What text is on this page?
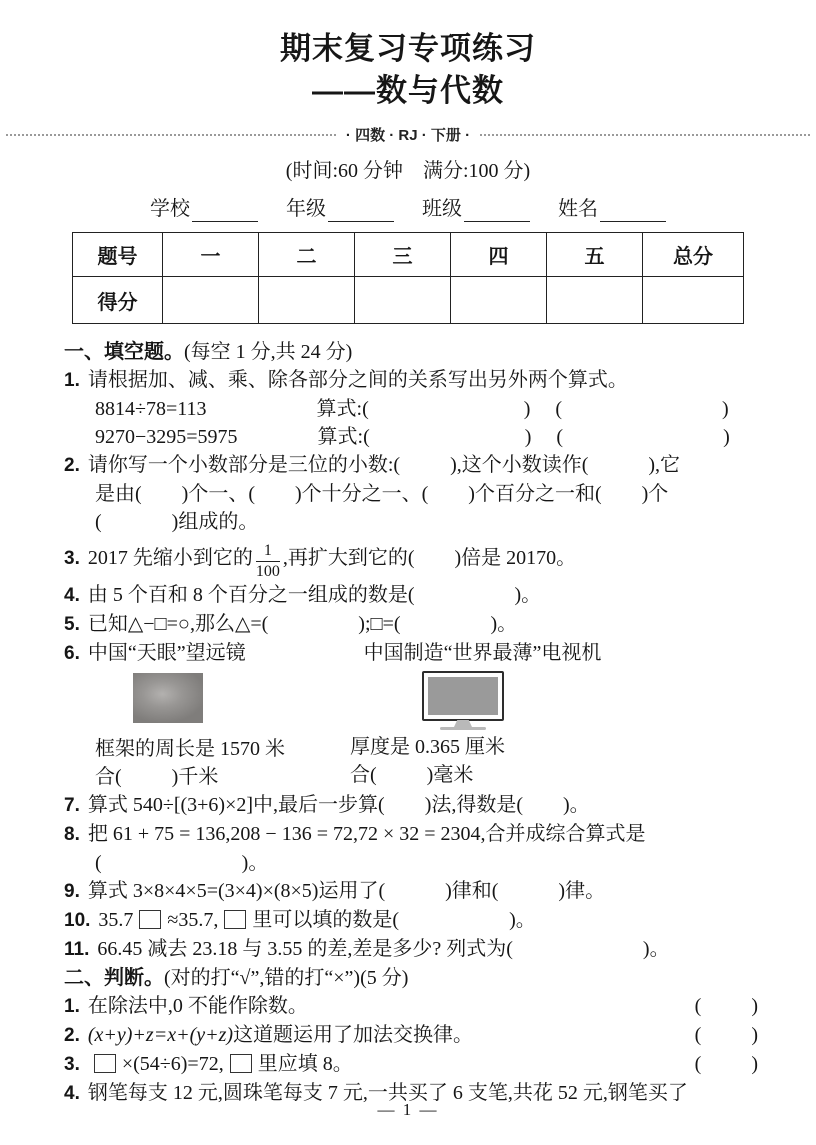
期末复习专项练习
——数与代数
· 四数 · RJ · 下册 ·
(时间:60 分钟　满分:100 分)
学校	年级	班级	姓名
题号	一	二	三	四	五	总分
得分						
一、填空题。(每空 1 分,共 24 分)
1. 请根据加、减、乘、除各部分之间的关系写出另外两个算式。
8814÷78=113                      算式:(                               )     (                                )
9270−3295=5975                算式:(                               )     (                                )
2. 请你写一个小数部分是三位的小数:(          ),这个小数读作(            ),它
是由(        )个一、(        )个十分之一、(        )个百分之一和(        )个
(              )组成的。
3. 2017 先缩小到它的 $\frac{1}{100}$ ,再扩大到它的(        )倍是 20170。
4. 由 5 个百和 8 个百分之一组成的数是(                    )。
5. 已知△−□=○,那么△=(                  );□=(                  )。
6. 中国“天眼”望远镜	中国制造“世界最薄”电视机
框架的周长是 1570 米
合(          )千米
厚度是 0.365 厘米
合(          )毫米
7. 算式 540÷[(3+6)×2]中,最后一步算(        )法,得数是(        )。
8. 把 61 + 75 = 136,208 − 136 = 72,72 × 32 = 2304,合并成综合算式是
(                            )。
9. 算式 3×8×4×5=(3×4)×(8×5)运用了(            )律和(            )律。
10. 35.7 ≈35.7, 里可以填的数是(                      )。
11. 66.45 减去 23.18 与 3.55 的差,差是多少? 列式为(                          )。
二、判断。(对的打“√”,错的打“×”)(5 分)
1. 在除法中,0 不能作除数。	(          )
2. (x+y)+z=x+(y+z)这道题运用了加法交换律。	(          )
3. ×(54÷6)=72, 里应填 8。	(          )
4. 钢笔每支 12 元,圆珠笔每支 7 元,一共买了 6 支笔,共花 52 元,钢笔买了
— 1 —
